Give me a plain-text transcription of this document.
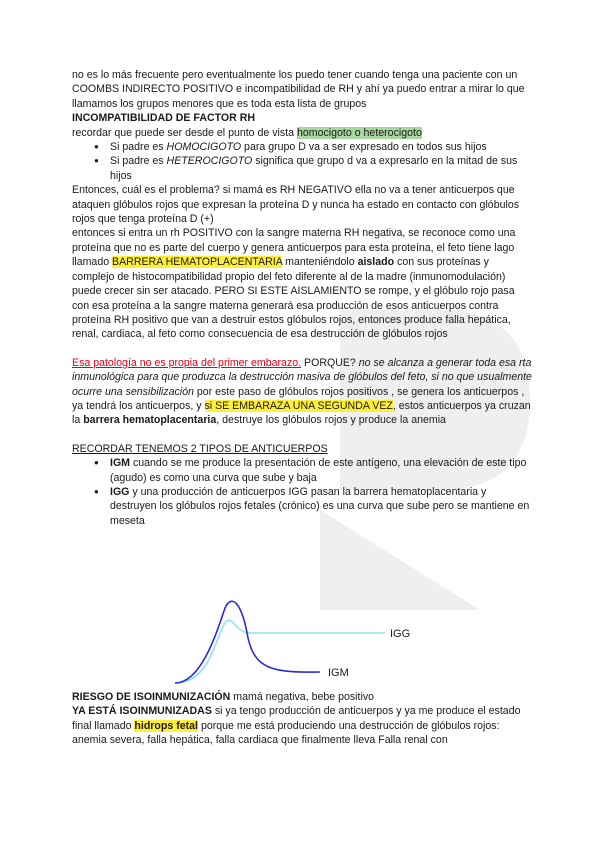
no es lo más frecuente pero eventualmente los puedo tener cuando tenga una paciente con un COOMBS INDIRECTO POSITIVO e incompatibilidad de RH y ahí ya puedo entrar a mirar lo que llamamos los grupos menores que es toda esta lista de grupos

INCOMPATIBILIDAD DE FACTOR RH

recordar que puede ser desde el punto de vista homocigoto o heterocigoto

● Si padre es HOMOCIGOTO para grupo D va a ser expresado en todos sus hijos
● Si padre es HETEROCIGOTO significa que grupo d va a expresarlo en la mitad de sus hijos

Entonces, cuál es el problema? si mamá es RH NEGATIVO ella no va a tener anticuerpos que ataquen glóbulos rojos que expresan la proteína D y nunca ha estado en contacto con glóbulos rojos que tenga proteína D (+)

entonces si entra un rh POSITIVO con la sangre materna RH negativa, se reconoce como una proteína que no es parte del cuerpo y genera anticuerpos para esta proteína, el feto tiene lago llamado BARRERA HEMATOPLACENTARIA manteniéndolo aislado con sus proteínas y complejo de histocompatibilidad propio del feto diferente al de la madre (inmunomodulación) puede crecer sin ser atacado. PERO SI ESTE AISLAMIENTO se rompe, y el glóbulo rojo pasa con esa proteína a la sangre materna generará esa producción de esos anticuerpos contra proteína RH positivo que van a destruir estos glóbulos rojos, entonces produce falla hepática, renal, cardiaca, al feto como consecuencia de esa destrucción de glóbulos rojos

Esa patología no es propia del primer embarazo. PORQUE? no se alcanza a generar toda esa rta inmunológica para que produzca la destrucción masiva de glóbulos del feto, si no que usualmente ocurre una sensibilización por este paso de glóbulos rojos positivos , se genera los anticuerpos , ya tendrá los anticuerpos, y si SE EMBARAZA UNA SEGUNDA VEZ, estos anticuerpos ya cruzan la barrera hematoplacentaria, destruye los glóbulos rojos y produce la anemia

RECORDAR TENEMOS 2 TIPOS DE ANTICUERPOS

● IGM cuando se me produce la presentación de este antígeno, una elevación de este tipo (agudo) es como una curva que sube y baja
● IGG y una producción de anticuerpos IGG pasan la barrera hematoplacentaria y destruyen los glóbulos rojos fetales (crónico) es una curva que sube pero se mantiene en meseta
IGG
IGM

RIESGO DE ISOINMUNIZACIÓN mamá negativa, bebe positivo

YA ESTÁ ISOINMUNIZADAS si ya tengo producción de anticuerpos y ya me produce el estado final llamado hidrops fetal porque me está produciendo una destrucción de glóbulos rojos: anemia severa, falla hepática, falla cardiaca que finalmente lleva Falla renal con
